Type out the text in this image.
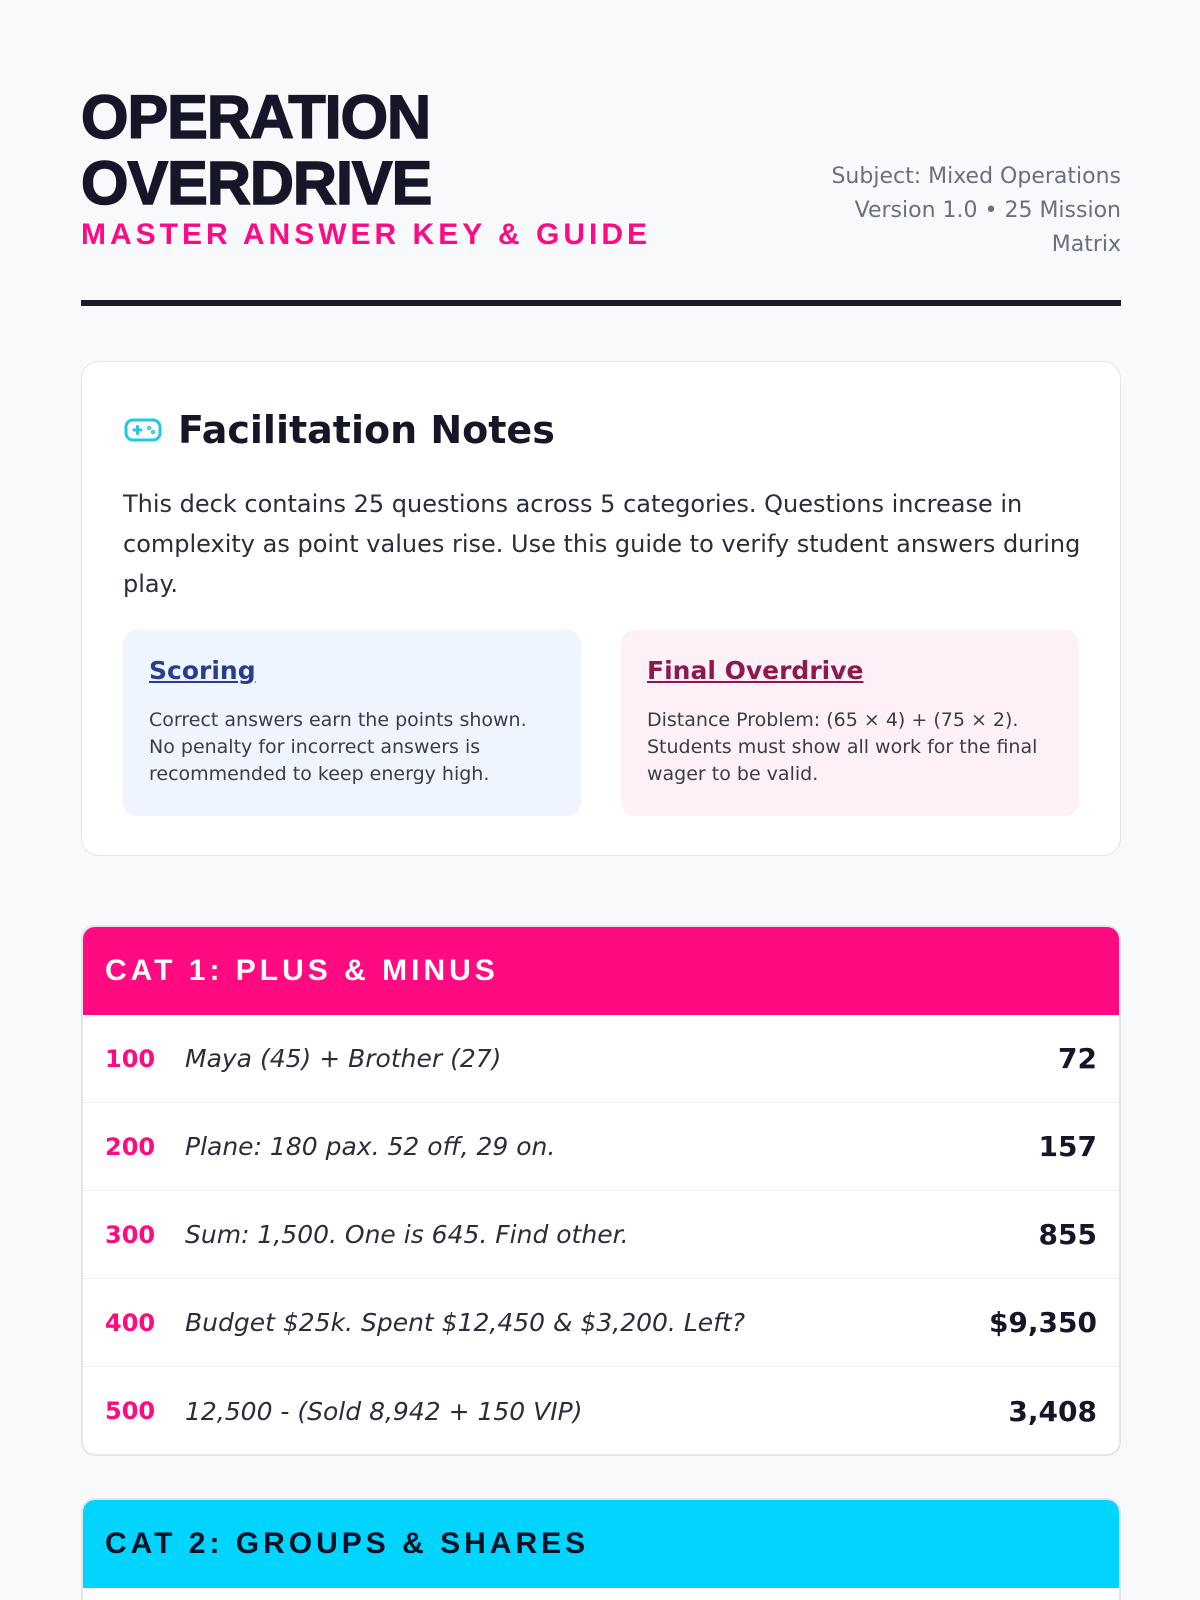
OPERATION
OVERDRIVE
MASTER ANSWER KEY & GUIDE
Subject: Mixed Operations
Version 1.0 • 25 Mission
Matrix
Facilitation Notes

This deck contains 25 questions across 5 categories. Questions increase in complexity as point values rise. Use this guide to verify student answers during play.

Scoring
Correct answers earn the points shown. No penalty for incorrect answers is recommended to keep energy high.
Final Overdrive
Distance Problem: (65 × 4) + (75 × 2). Students must show all work for the final wager to be valid.
CAT 1: PLUS & MINUS
100	Maya (45) + Brother (27)	72
200	Plane: 180 pax. 52 off, 29 on.	157
300	Sum: 1,500. One is 645. Find other.	855
400	Budget $25k. Spent $12,450 & $3,200. Left?	$9,350
500	12,500 - (Sold 8,942 + 150 VIP)	3,408
CAT 2: GROUPS & SHARES
